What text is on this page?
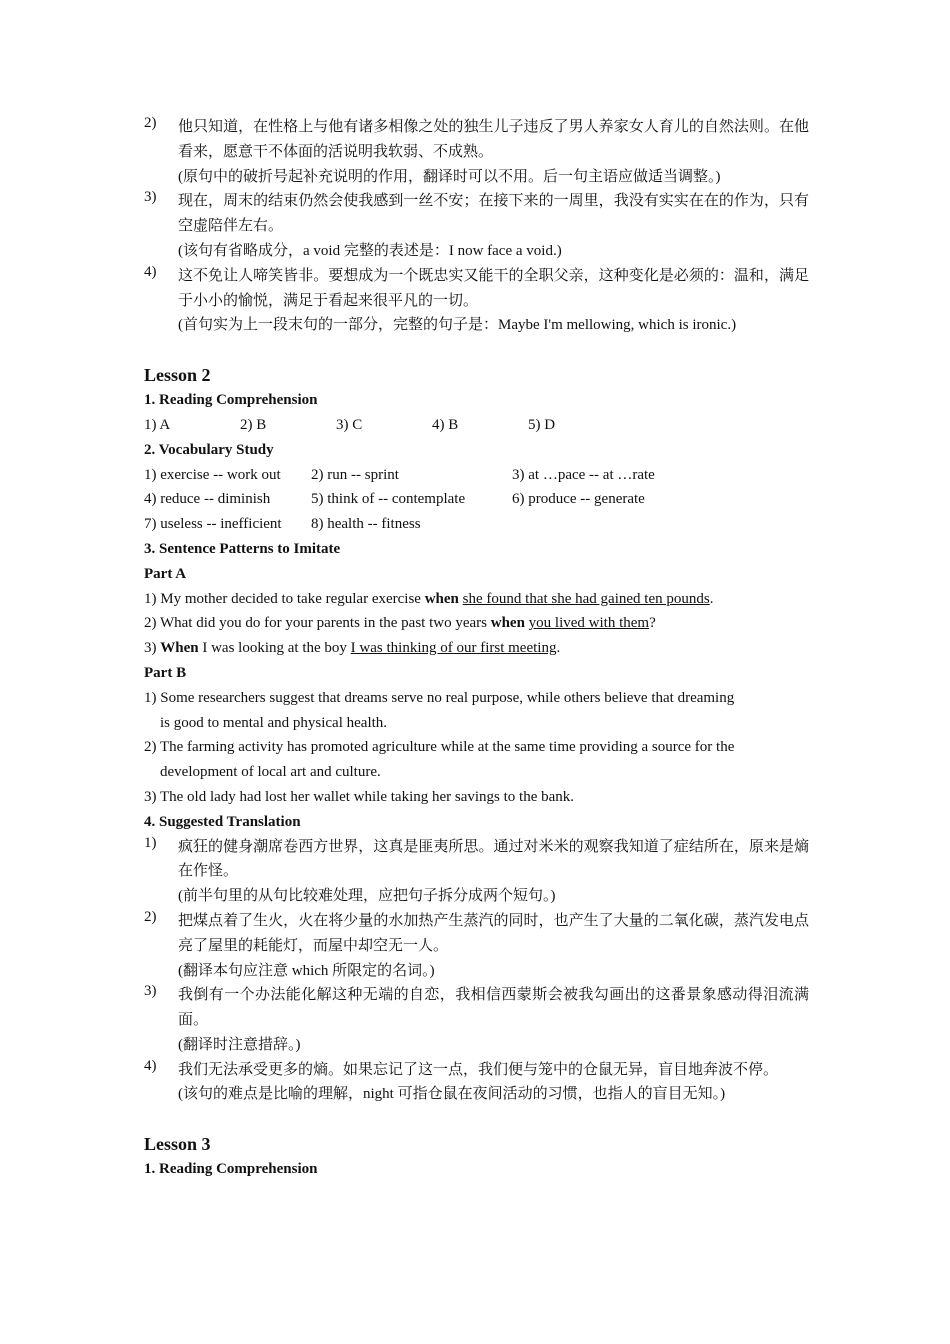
2)	他只知道，在性格上与他有诸多相像之处的独生儿子违反了男人养家女人育儿的自然法则。在他看来，愿意干不体面的活说明我软弱、不成熟。
(原句中的破折号起补充说明的作用，翻译时可以不用。后一句主语应做适当调整。)
3)	现在，周末的结束仍然会使我感到一丝不安；在接下来的一周里，我没有实实在在的作为，只有空虚陪伴左右。
(该句有省略成分，a void 完整的表述是：I now face a void.)
4)	这不免让人啼笑皆非。要想成为一个既忠实又能干的全职父亲，这种变化是必须的：温和，满足于小小的愉悦，满足于看起来很平凡的一切。
(首句实为上一段末句的一部分，完整的句子是：Maybe I'm mellowing, which is ironic.)
Lesson 2
1. Reading Comprehension
1) A	2) B	3) C	4) B	5) D
2. Vocabulary Study
1) exercise -- work out	2) run -- sprint	3) at …pace -- at …rate
4) reduce -- diminish	5) think of -- contemplate	6) produce -- generate
7) useless -- inefficient	8) health -- fitness
3. Sentence Patterns to Imitate
Part A
1) My mother decided to take regular exercise when she found that she had gained ten pounds.
2) What did you do for your parents in the past two years when you lived with them?
3) When I was looking at the boy I was thinking of our first meeting.
Part B
1) Some researchers suggest that dreams serve no real purpose, while others believe that dreaming
is good to mental and physical health.
2) The farming activity has promoted agriculture while at the same time providing a source for the
development of local art and culture.
3) The old lady had lost her wallet while taking her savings to the bank.
4. Suggested Translation
1)	疯狂的健身潮席卷西方世界，这真是匪夷所思。通过对米米的观察我知道了症结所在，原来是熵在作怪。
(前半句里的从句比较难处理，应把句子拆分成两个短句。)
2)	把煤点着了生火，火在将少量的水加热产生蒸汽的同时，也产生了大量的二氧化碳，蒸汽发电点亮了屋里的耗能灯，而屋中却空无一人。
(翻译本句应注意 which 所限定的名词。)
3)	我倒有一个办法能化解这种无端的自恋，我相信西蒙斯会被我勾画出的这番景象感动得泪流满面。
(翻译时注意措辞。)
4)	我们无法承受更多的熵。如果忘记了这一点，我们便与笼中的仓鼠无异，盲目地奔波不停。
(该句的难点是比喻的理解，night 可指仓鼠在夜间活动的习惯，也指人的盲目无知。)
Lesson 3
1. Reading Comprehension
